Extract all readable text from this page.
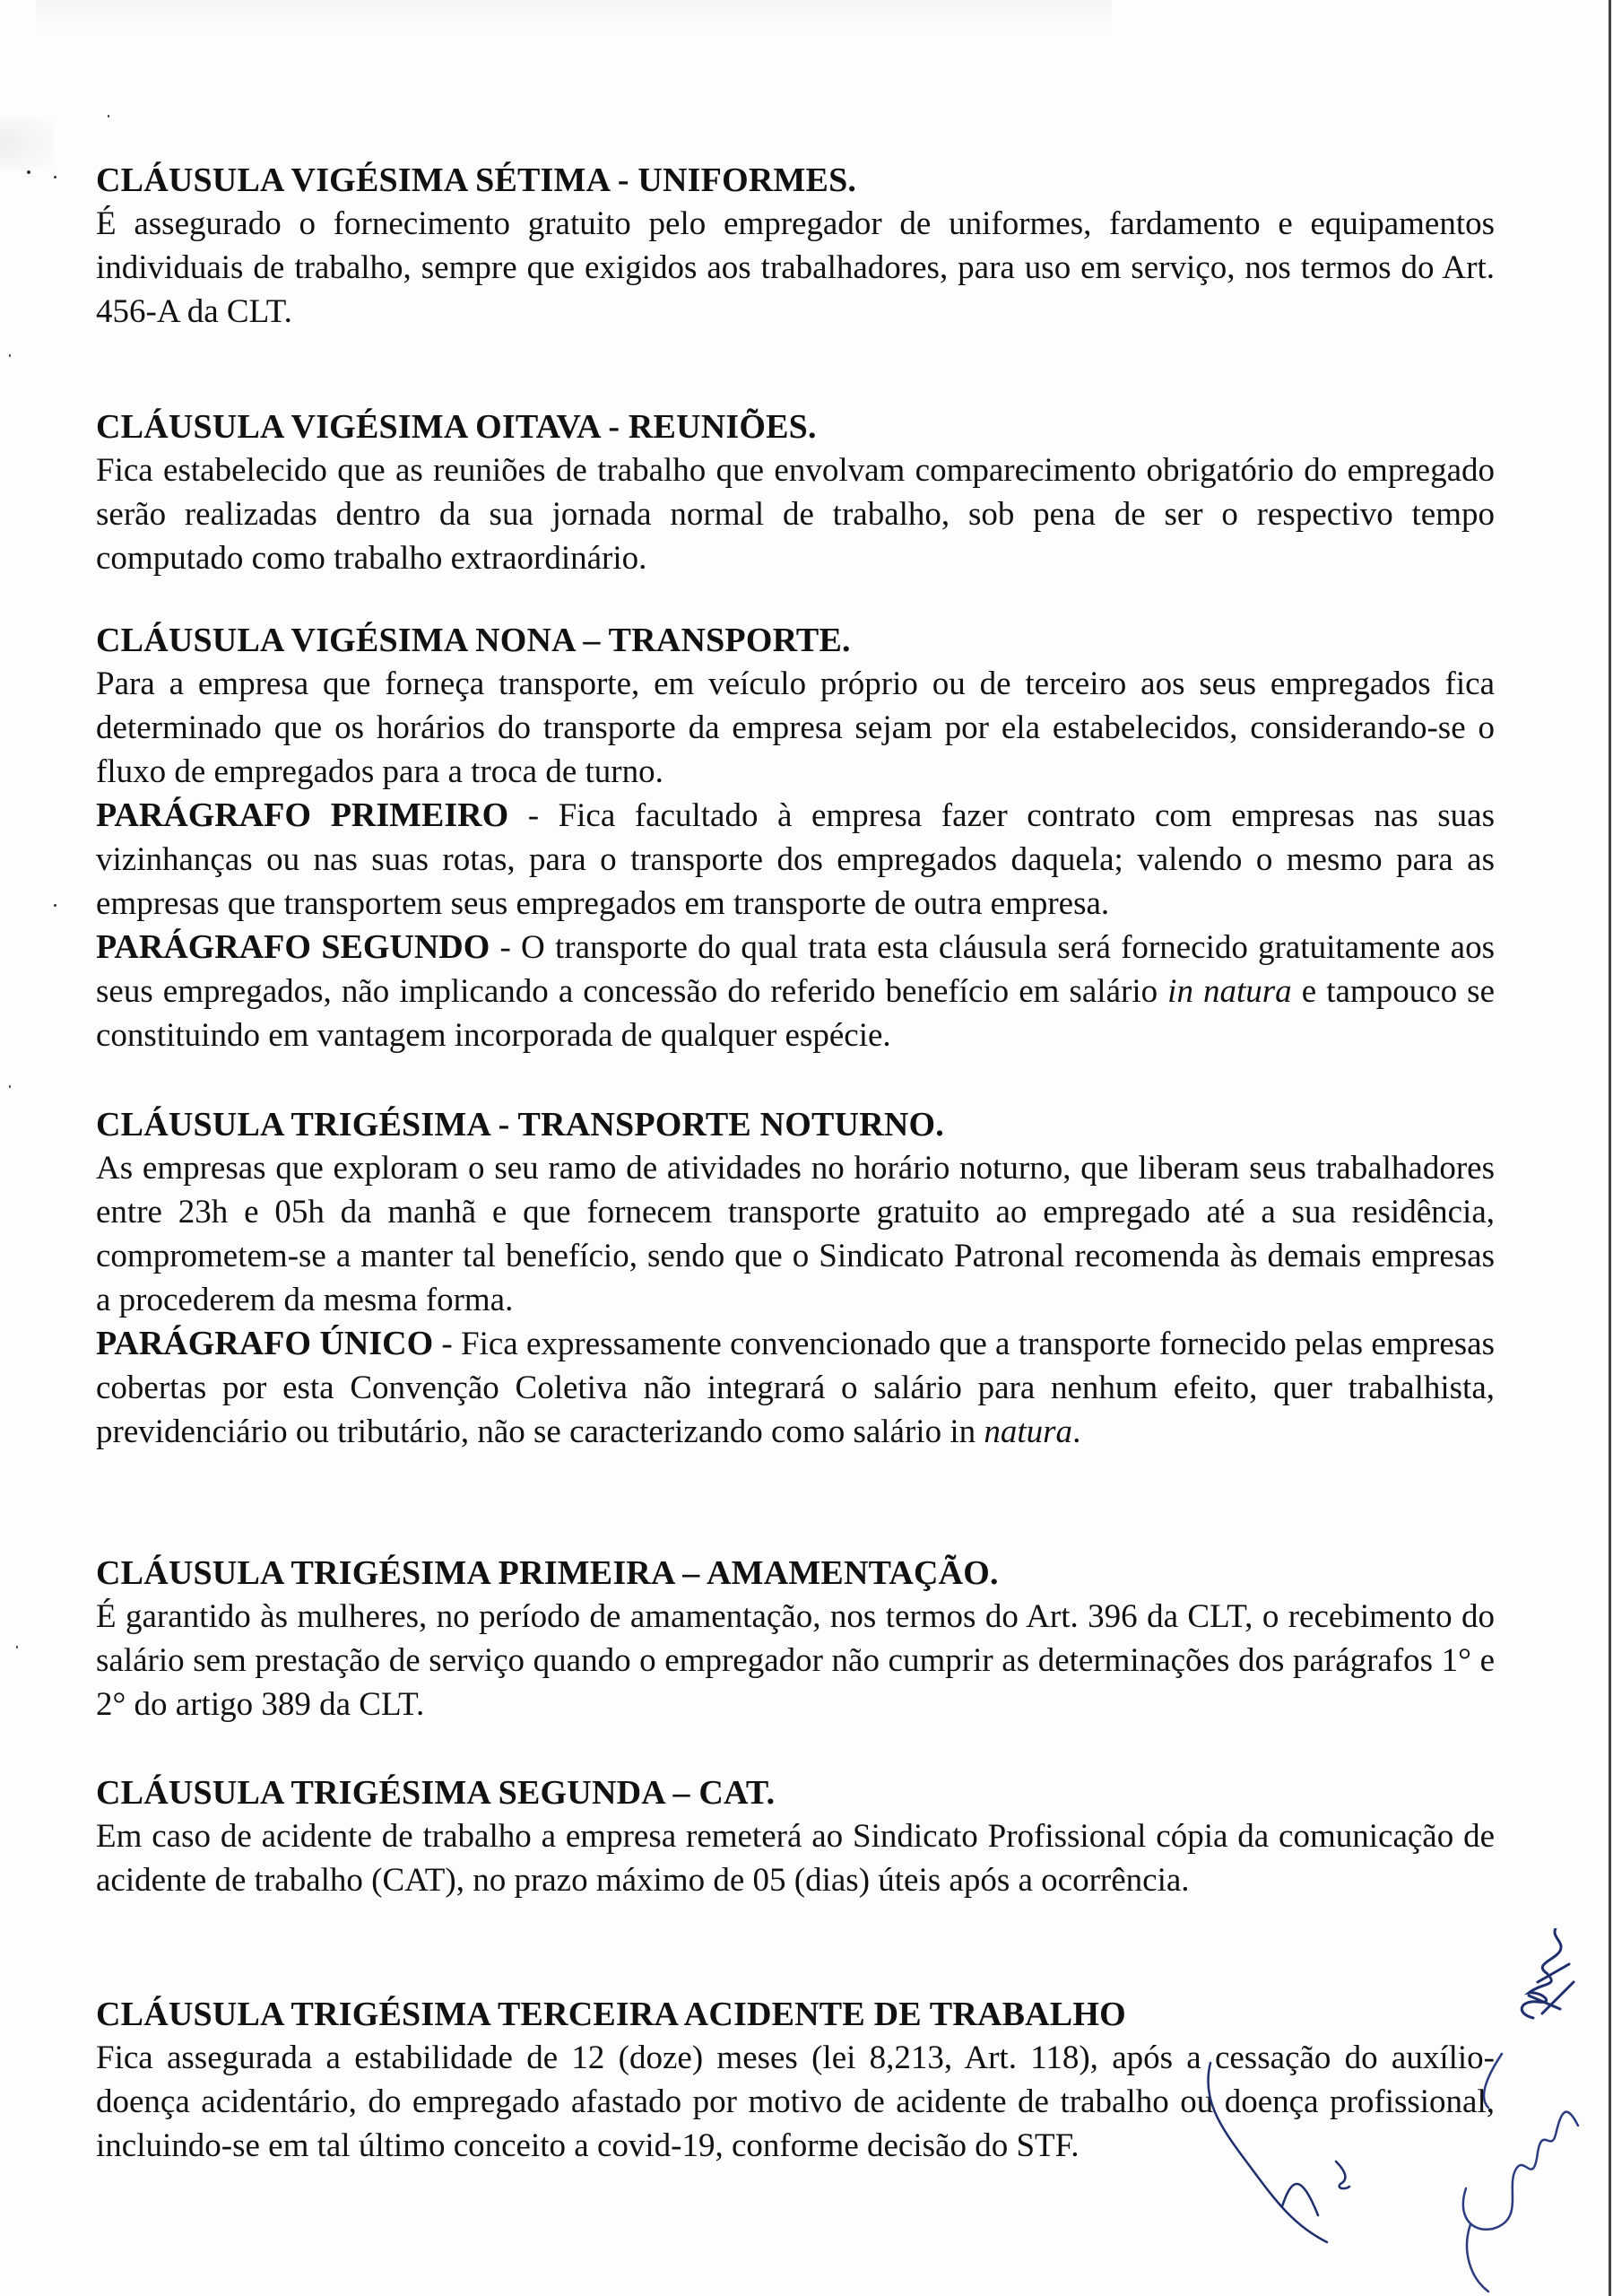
CLÁUSULA VIGÉSIMA SÉTIMA - UNIFORMES.

É assegurado o fornecimento gratuito pelo empregador de uniformes, fardamento e equipamentos individuais de trabalho, sempre que exigidos aos trabalhadores, para uso em serviço, nos termos do Art. 456-A da CLT.

CLÁUSULA VIGÉSIMA OITAVA - REUNIÕES.

Fica estabelecido que as reuniões de trabalho que envolvam comparecimento obrigatório do empregado serão realizadas dentro da sua jornada normal de trabalho, sob pena de ser o respectivo tempo computado como trabalho extraordinário.

CLÁUSULA VIGÉSIMA NONA – TRANSPORTE.

Para a empresa que forneça transporte, em veículo próprio ou de terceiro aos seus empregados fica determinado que os horários do transporte da empresa sejam por ela estabelecidos, considerando-se o fluxo de empregados para a troca de turno.

PARÁGRAFO PRIMEIRO - Fica facultado à empresa fazer contrato com empresas nas suas vizinhanças ou nas suas rotas, para o transporte dos empregados daquela; valendo o mesmo para as empresas que transportem seus empregados em transporte de outra empresa.

PARÁGRAFO SEGUNDO - O transporte do qual trata esta cláusula será fornecido gratuitamente aos seus empregados, não implicando a concessão do referido benefício em salário in natura e tampouco se constituindo em vantagem incorporada de qualquer espécie.

CLÁUSULA TRIGÉSIMA - TRANSPORTE NOTURNO.

As empresas que exploram o seu ramo de atividades no horário noturno, que liberam seus trabalhadores entre 23h e 05h da manhã e que fornecem transporte gratuito ao empregado até a sua residência, comprometem-se a manter tal benefício, sendo que o Sindicato Patronal recomenda às demais empresas a procederem da mesma forma.

PARÁGRAFO ÚNICO - Fica expressamente convencionado que a transporte fornecido pelas empresas cobertas por esta Convenção Coletiva não integrará o salário para nenhum efeito, quer trabalhista, previdenciário ou tributário, não se caracterizando como salário in natura.

CLÁUSULA TRIGÉSIMA PRIMEIRA – AMAMENTAÇÃO.

É garantido às mulheres, no período de amamentação, nos termos do Art. 396 da CLT, o recebimento do salário sem prestação de serviço quando o empregador não cumprir as determinações dos parágrafos 1° e 2° do artigo 389 da CLT.

CLÁUSULA TRIGÉSIMA SEGUNDA – CAT.

Em caso de acidente de trabalho a empresa remeterá ao Sindicato Profissional cópia da comunicação de acidente de trabalho (CAT), no prazo máximo de 05 (dias) úteis após a ocorrência.

CLÁUSULA TRIGÉSIMA TERCEIRA ACIDENTE DE TRABALHO

Fica assegurada a estabilidade de 12 (doze) meses (lei 8,213, Art. 118), após a cessação do auxílio-doença acidentário, do empregado afastado por motivo de acidente de trabalho ou doença profissional, incluindo-se em tal último conceito a covid-19, conforme decisão do STF.
